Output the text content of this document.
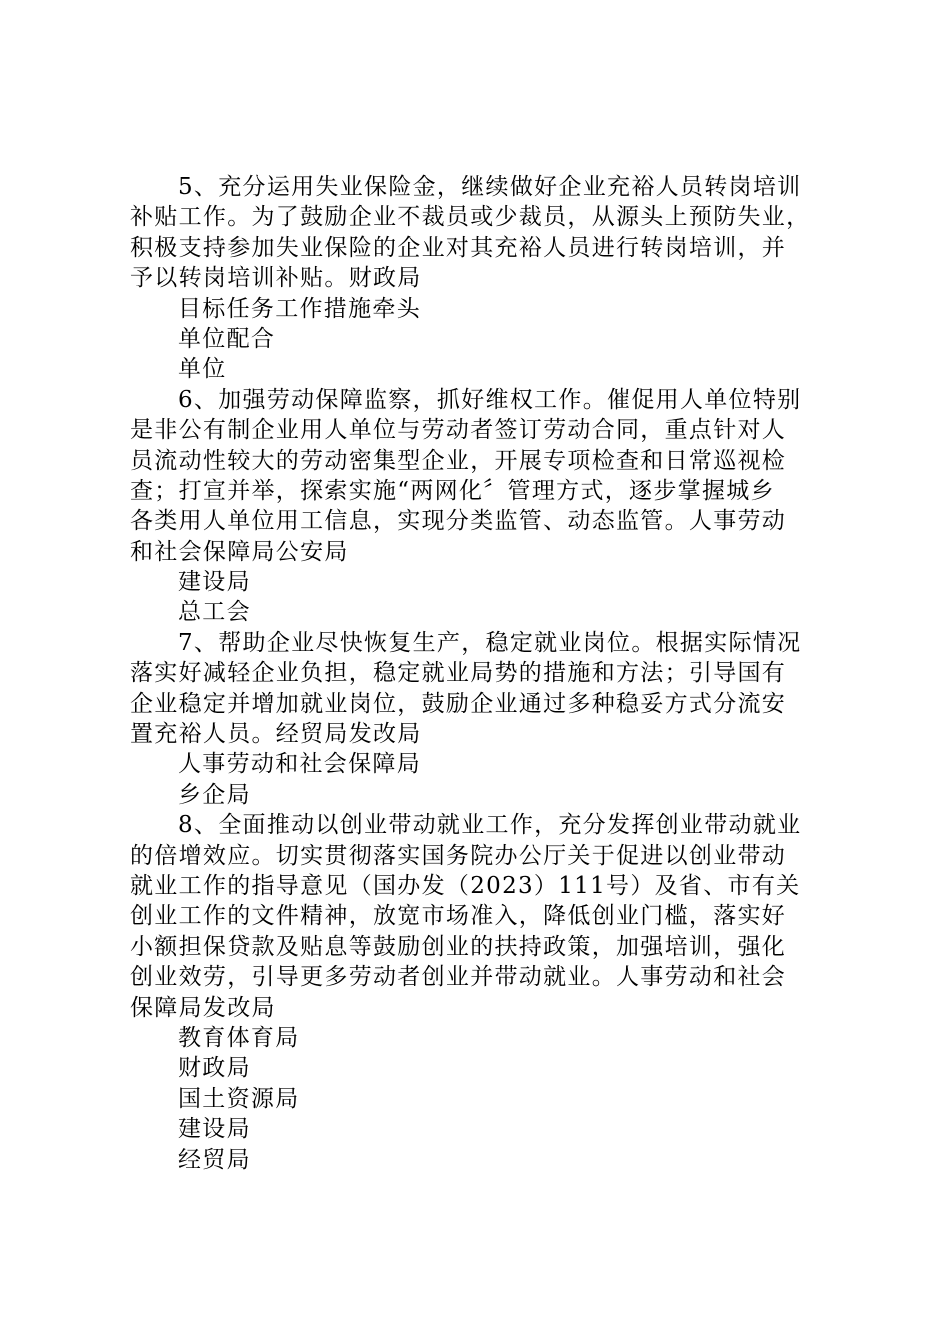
5、充分运用失业保险金，继续做好企业充裕人员转岗培训
补贴工作。为了鼓励企业不裁员或少裁员，从源头上预防失业，
积极支持参加失业保险的企业对其充裕人员进行转岗培训，并
予以转岗培训补贴。财政局
目标任务工作措施牵头
单位配合
单位
6、加强劳动保障监察，抓好维权工作。催促用人单位特别
是非公有制企业用人单位与劳动者签订劳动合同，重点针对人
员流动性较大的劳动密集型企业，开展专项检查和日常巡视检
查；打宣并举，探索实施“两网化〞管理方式，逐步掌握城乡
各类用人单位用工信息，实现分类监管、动态监管。人事劳动
和社会保障局公安局
建设局
总工会
7、帮助企业尽快恢复生产，稳定就业岗位。根据实际情况
落实好减轻企业负担，稳定就业局势的措施和方法；引导国有
企业稳定并增加就业岗位，鼓励企业通过多种稳妥方式分流安
置充裕人员。经贸局发改局
人事劳动和社会保障局
乡企局
8、全面推动以创业带动就业工作，充分发挥创业带动就业
的倍增效应。切实贯彻落实国务院办公厅关于促进以创业带动
就业工作的指导意见（国办发（2023）111号）及省、市有关
创业工作的文件精神，放宽市场准入，降低创业门槛，落实好
小额担保贷款及贴息等鼓励创业的扶持政策，加强培训，强化
创业效劳，引导更多劳动者创业并带动就业。人事劳动和社会
保障局发改局
教育体育局
财政局
国土资源局
建设局
经贸局
